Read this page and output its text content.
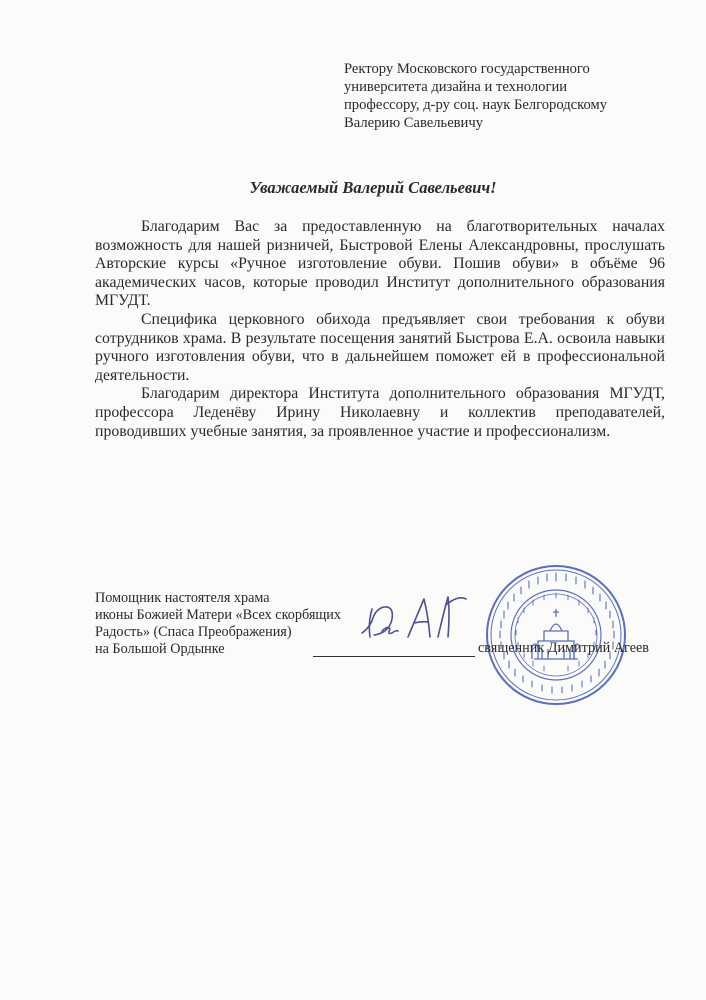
Ректору Московского государственного
университета дизайна и технологии
профессору, д-ру соц. наук Белгородскому
Валерию Савельевичу
Уважаемый Валерий Савельевич!

Благодарим Вас за предоставленную на благотворительных началах возможность для нашей ризничей, Быстровой Елены Александровны, прослушать Авторские курсы «Ручное изготовление обуви. Пошив обуви» в объёме 96 академических часов, которые проводил Институт дополнительного образования МГУДТ.

Специфика церковного обихода предъявляет свои требования к обуви сотрудников храма. В результате посещения занятий Быстрова Е.А. освоила навыки ручного изготовления обуви, что в дальнейшем поможет ей в профессиональной деятельности.

Благодарим директора Института дополнительного образования МГУДТ, профессора Леденёву Ирину Николаевну и коллектив преподавателей, проводивших учебные занятия, за проявленное участие и профессионализм.

Помощник настоятеля храма
иконы Божией Матери «Всех скорбящих
Радость» (Спаса Преображения)
на Большой Ордынке	священник Димитрий Агеев
